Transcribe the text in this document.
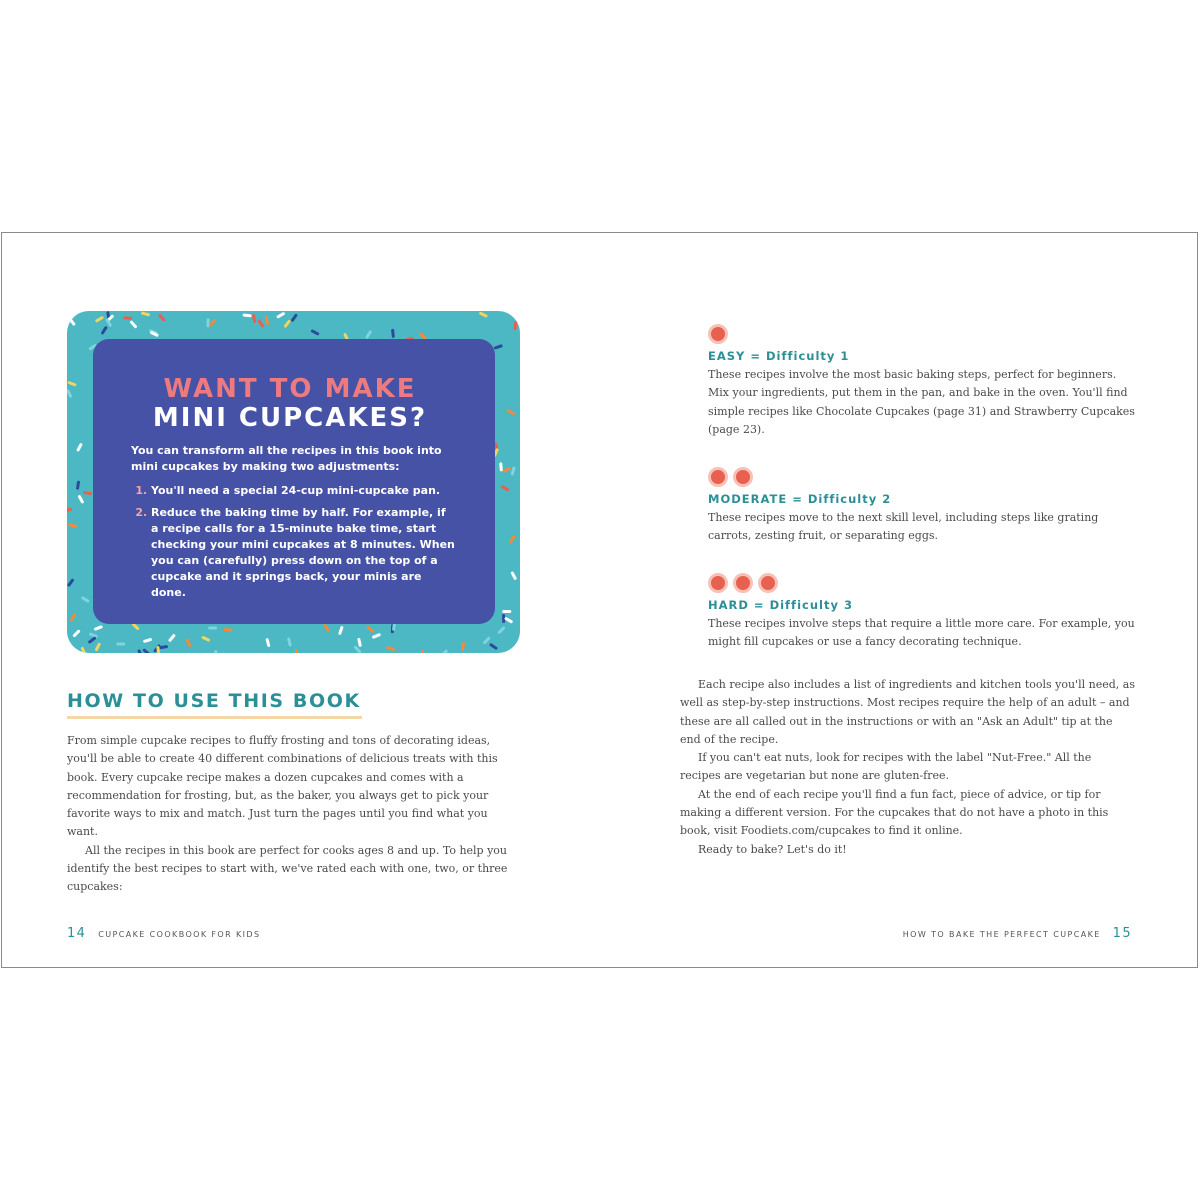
WANT TO MAKE
MINI CUPCAKES?
You can transform all the recipes in this book into mini cupcakes by making two adjustments:
1. You'll need a special 24-cup mini-cupcake pan.
2. Reduce the baking time by half. For example, if a recipe calls for a 15-minute bake time, start checking your mini cupcakes at 8 minutes. When you can (carefully) press down on the top of a cupcake and it springs back, your minis are done.
HOW TO USE THIS BOOK

From simple cupcake recipes to fluffy frosting and tons of decorating ideas, you'll be able to create 40 different combinations of delicious treats with this book. Every cupcake recipe makes a dozen cupcakes and comes with a recommendation for frosting, but, as the baker, you always get to pick your favorite ways to mix and match. Just turn the pages until you find what you want.

All the recipes in this book are perfect for cooks ages 8 and up. To help you identify the best recipes to start with, we've rated each with one, two, or three cupcakes:

EASY = Difficulty 1
These recipes involve the most basic baking steps, perfect for beginners. Mix your ingredients, put them in the pan, and bake in the oven. You'll find simple recipes like Chocolate Cupcakes (page 31) and Strawberry Cupcakes (page 23).
MODERATE = Difficulty 2
These recipes move to the next skill level, including steps like grating carrots, zesting fruit, or separating eggs.
HARD = Difficulty 3
These recipes involve steps that require a little more care. For example, you might fill cupcakes or use a fancy decorating technique.

Each recipe also includes a list of ingredients and kitchen tools you'll need, as well as step-by-step instructions. Most recipes require the help of an adult – and these are all called out in the instructions or with an "Ask an Adult" tip at the end of the recipe.

If you can't eat nuts, look for recipes with the label "Nut-Free." All the recipes are vegetarian but none are gluten-free.

At the end of each recipe you'll find a fun fact, piece of advice, or tip for making a different version. For the cupcakes that do not have a photo in this book, visit Foodiets.com/cupcakes to find it online.

Ready to bake? Let's do it!

14 CUPCAKE COOKBOOK FOR KIDS	HOW TO BAKE THE PERFECT CUPCAKE 15
